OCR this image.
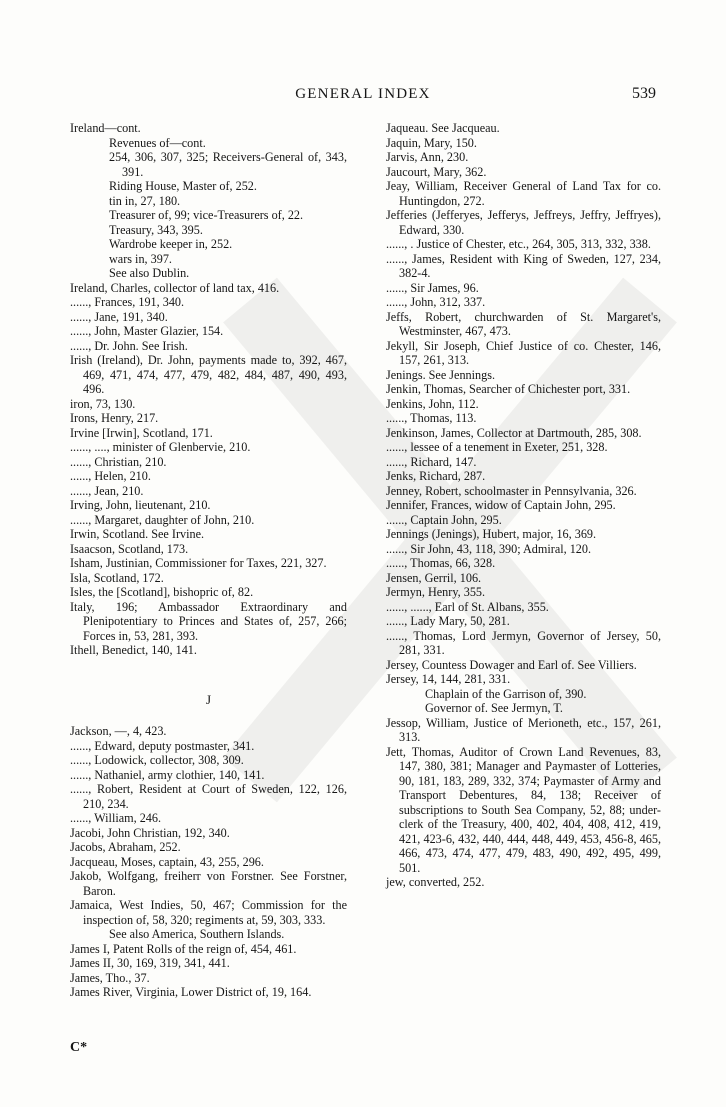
GENERAL INDEX	539
Ireland—cont.
Revenues of—cont.
254, 306, 307, 325; Receivers-General of, 343, 391.
Riding House, Master of, 252.
tin in, 27, 180.
Treasurer of, 99; vice-Treasurers of, 22.
Treasury, 343, 395.
Wardrobe keeper in, 252.
wars in, 397.
See also Dublin.
Ireland, Charles, collector of land tax, 416.
......, Frances, 191, 340.
......, Jane, 191, 340.
......, John, Master Glazier, 154.
......, Dr. John. See Irish.
Irish (Ireland), Dr. John, payments made to, 392, 467, 469, 471, 474, 477, 479, 482, 484, 487, 490, 493, 496.
iron, 73, 130.
Irons, Henry, 217.
Irvine [Irwin], Scotland, 171.
......, ...., minister of Glenbervie, 210.
......, Christian, 210.
......, Helen, 210.
......, Jean, 210.
Irving, John, lieutenant, 210.
......, Margaret, daughter of John, 210.
Irwin, Scotland. See Irvine.
Isaacson, Scotland, 173.
Isham, Justinian, Commissioner for Taxes, 221, 327.
Isla, Scotland, 172.
Isles, the [Scotland], bishopric of, 82.
Italy, 196; Ambassador Extraordinary and Plenipotentiary to Princes and States of, 257, 266; Forces in, 53, 281, 393.
Ithell, Benedict, 140, 141.
J
Jackson, —, 4, 423.
......, Edward, deputy postmaster, 341.
......, Lodowick, collector, 308, 309.
......, Nathaniel, army clothier, 140, 141.
......, Robert, Resident at Court of Sweden, 122, 126, 210, 234.
......, William, 246.
Jacobi, John Christian, 192, 340.
Jacobs, Abraham, 252.
Jacqueau, Moses, captain, 43, 255, 296.
Jakob, Wolfgang, freiherr von Forstner. See Forstner, Baron.
Jamaica, West Indies, 50, 467; Commission for the inspection of, 58, 320; regiments at, 59, 303, 333.
See also America, Southern Islands.
James I, Patent Rolls of the reign of, 454, 461.
James II, 30, 169, 319, 341, 441.
James, Tho., 37.
James River, Virginia, Lower District of, 19, 164.
Jaqueau. See Jacqueau.
Jaquin, Mary, 150.
Jarvis, Ann, 230.
Jaucourt, Mary, 362.
Jeay, William, Receiver General of Land Tax for co. Huntingdon, 272.
Jefferies (Jefferyes, Jefferys, Jeffreys, Jeffry, Jeffryes), Edward, 330.
......, . Justice of Chester, etc., 264, 305, 313, 332, 338.
......, James, Resident with King of Sweden, 127, 234, 382-4.
......, Sir James, 96.
......, John, 312, 337.
Jeffs, Robert, churchwarden of St. Margaret's, Westminster, 467, 473.
Jekyll, Sir Joseph, Chief Justice of co. Chester, 146, 157, 261, 313.
Jenings. See Jennings.
Jenkin, Thomas, Searcher of Chichester port, 331.
Jenkins, John, 112.
......, Thomas, 113.
Jenkinson, James, Collector at Dartmouth, 285, 308.
......, lessee of a tenement in Exeter, 251, 328.
......, Richard, 147.
Jenks, Richard, 287.
Jenney, Robert, schoolmaster in Pennsylvania, 326.
Jennifer, Frances, widow of Captain John, 295.
......, Captain John, 295.
Jennings (Jenings), Hubert, major, 16, 369.
......, Sir John, 43, 118, 390; Admiral, 120.
......, Thomas, 66, 328.
Jensen, Gerril, 106.
Jermyn, Henry, 355.
......, ......, Earl of St. Albans, 355.
......, Lady Mary, 50, 281.
......, Thomas, Lord Jermyn, Governor of Jersey, 50, 281, 331.
Jersey, Countess Dowager and Earl of. See Villiers.
Jersey, 14, 144, 281, 331.
Chaplain of the Garrison of, 390.
Governor of. See Jermyn, T.
Jessop, William, Justice of Merioneth, etc., 157, 261, 313.
Jett, Thomas, Auditor of Crown Land Revenues, 83, 147, 380, 381; Manager and Paymaster of Lotteries, 90, 181, 183, 289, 332, 374; Paymaster of Army and Transport Debentures, 84, 138; Receiver of subscriptions to South Sea Company, 52, 88; under-clerk of the Treasury, 400, 402, 404, 408, 412, 419, 421, 423-6, 432, 440, 444, 448, 449, 453, 456-8, 465, 466, 473, 474, 477, 479, 483, 490, 492, 495, 499, 501.
jew, converted, 252.
C*
